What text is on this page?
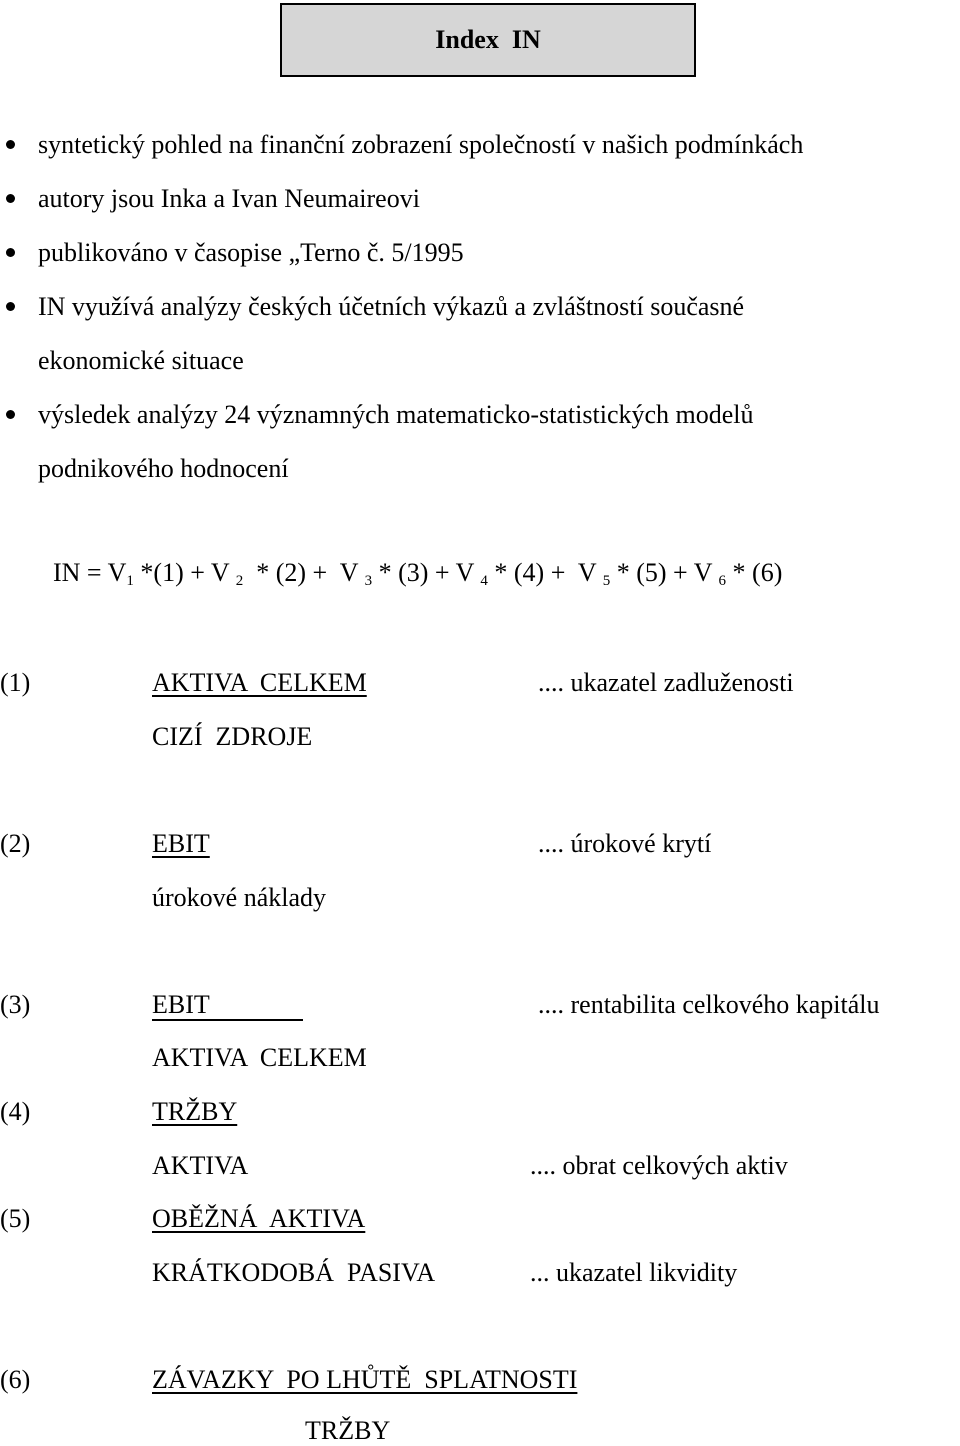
Index  IN
syntetický pohled na finanční zobrazení společností v našich podmínkách
autory jsou Inka a Ivan Neumaireovi
publikováno v časopise „Terno č. 5/1995
IN využívá analýzy českých účetních výkazů a zvláštností současné
ekonomické situace
výsledek analýzy 24 významných matematicko-statistických modelů
podnikového hodnocení
IN = $V_1$ *(1) + V $_2$  * (2) +  V $_3$ * (3) + V $_4$ * (4) +  V $_5$ * (5) + V $_6$ * (6)
(1)	AKTIVA  CELKEM
CIZÍ  ZDROJE
.... ukazatel zadluženosti
(2)	EBIT
úrokové náklady
.... úrokové krytí
(3)	EBIT
AKTIVA  CELKEM
.... rentabilita celkového kapitálu
(4)	TRŽBY
AKTIVA	.... obrat celkových aktiv
(5)	OBĚŽNÁ  AKTIVA
KRÁTKODOBÁ  PASIVA	... ukazatel likvidity
(6)	ZÁVAZKY  PO LHŮTĚ  SPLATNOSTI
TRŽBY
